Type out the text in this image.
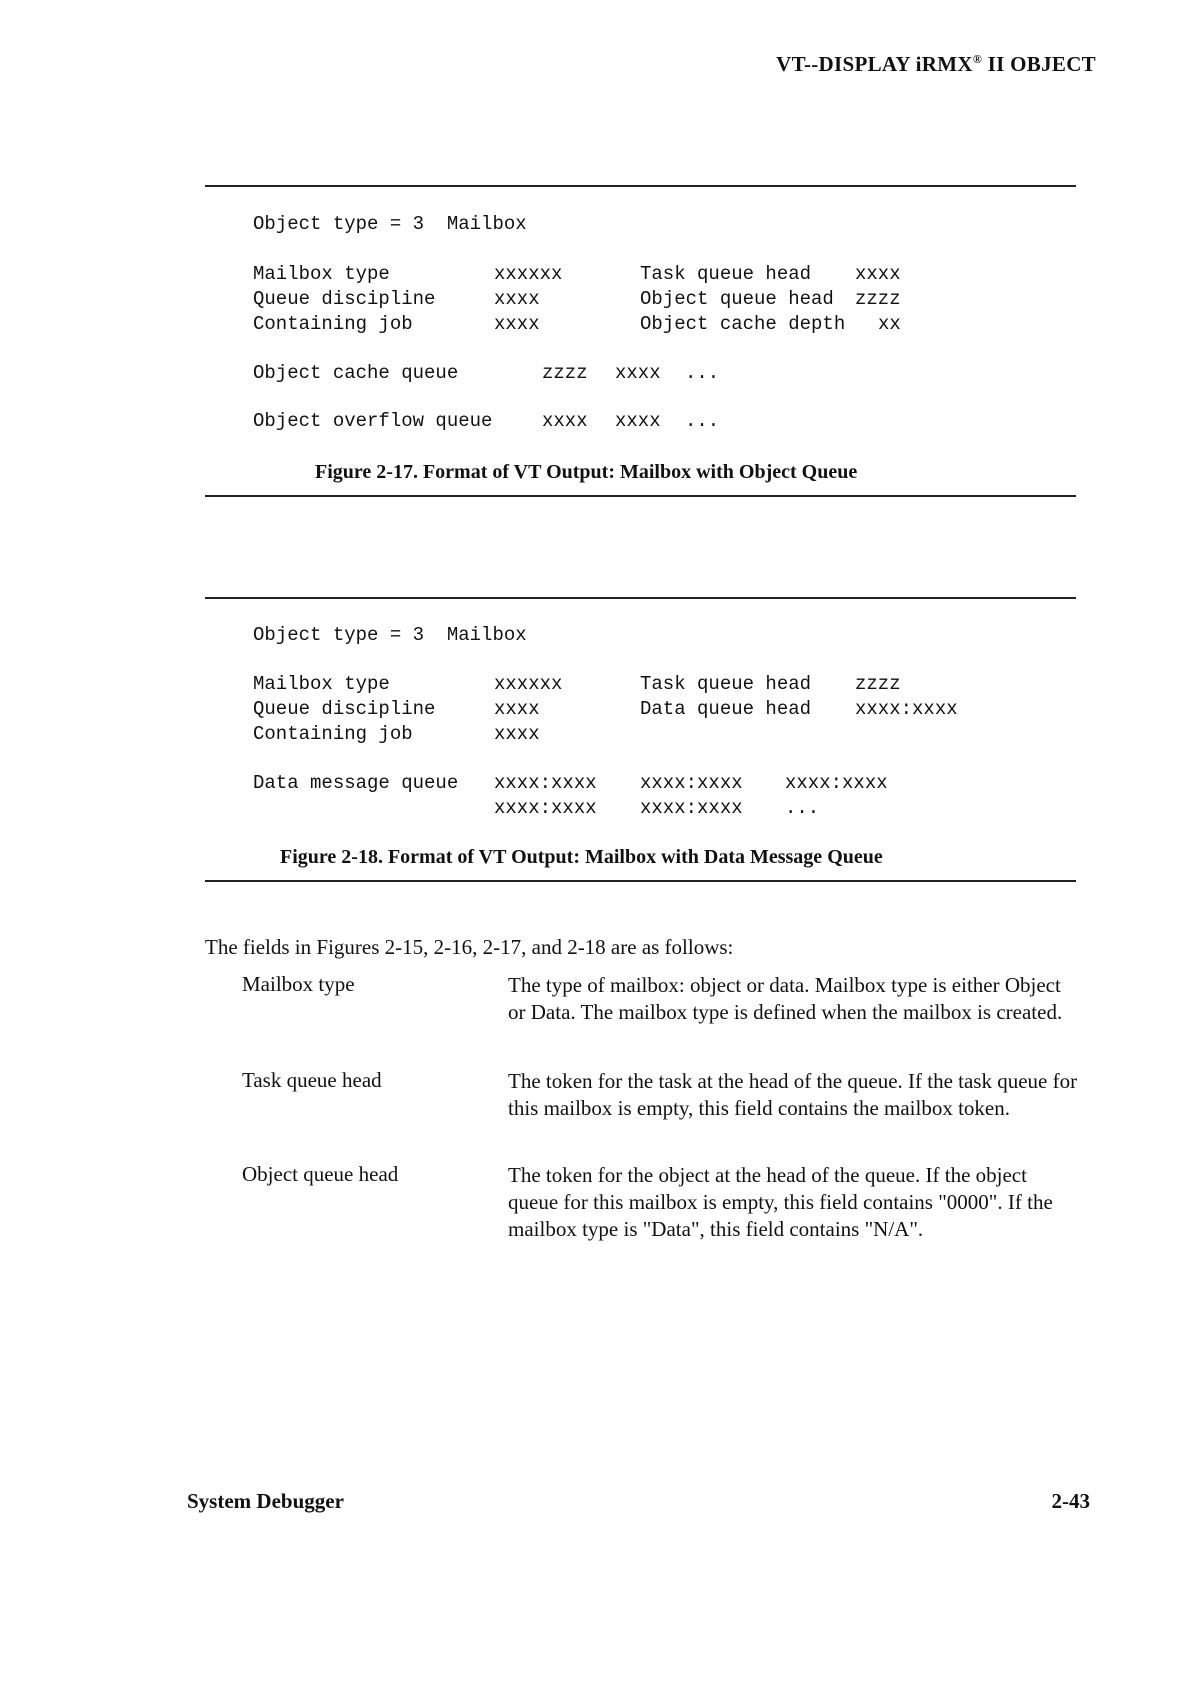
VT--DISPLAY iRMX® II OBJECT
Object type = 3  Mailbox
Mailbox type	xxxxxx	Task queue head xxxx
Queue discipline	xxxx	Object queue head zzzz
Containing job	xxxx	Object cache depth xx
Object cache queue	zzzz xxxx ...
Object overflow queue	xxxx xxxx ...
Figure 2-17. Format of VT Output: Mailbox with Object Queue
Object type = 3  Mailbox
Mailbox type	xxxxxx	Task queue head zzzz
Queue discipline	xxxx	Data queue head xxxx:xxxx
Containing job	xxxx
Data message queue xxxx:xxxx xxxx:xxxx xxxx:xxxx
xxxx:xxxx xxxx:xxxx ...
Figure 2-18. Format of VT Output: Mailbox with Data Message Queue
The fields in Figures 2-15, 2-16, 2-17, and 2-18 are as follows:
Mailbox type	The type of mailbox: object or data. Mailbox type is either Object or Data. The mailbox type is defined when the mailbox is created.
Task queue head	The token for the task at the head of the queue. If the task queue for this mailbox is empty, this field contains the mailbox token.
Object queue head	The token for the object at the head of the queue. If the object queue for this mailbox is empty, this field contains "0000". If the mailbox type is "Data", this field contains "N/A".
System Debugger	2-43
